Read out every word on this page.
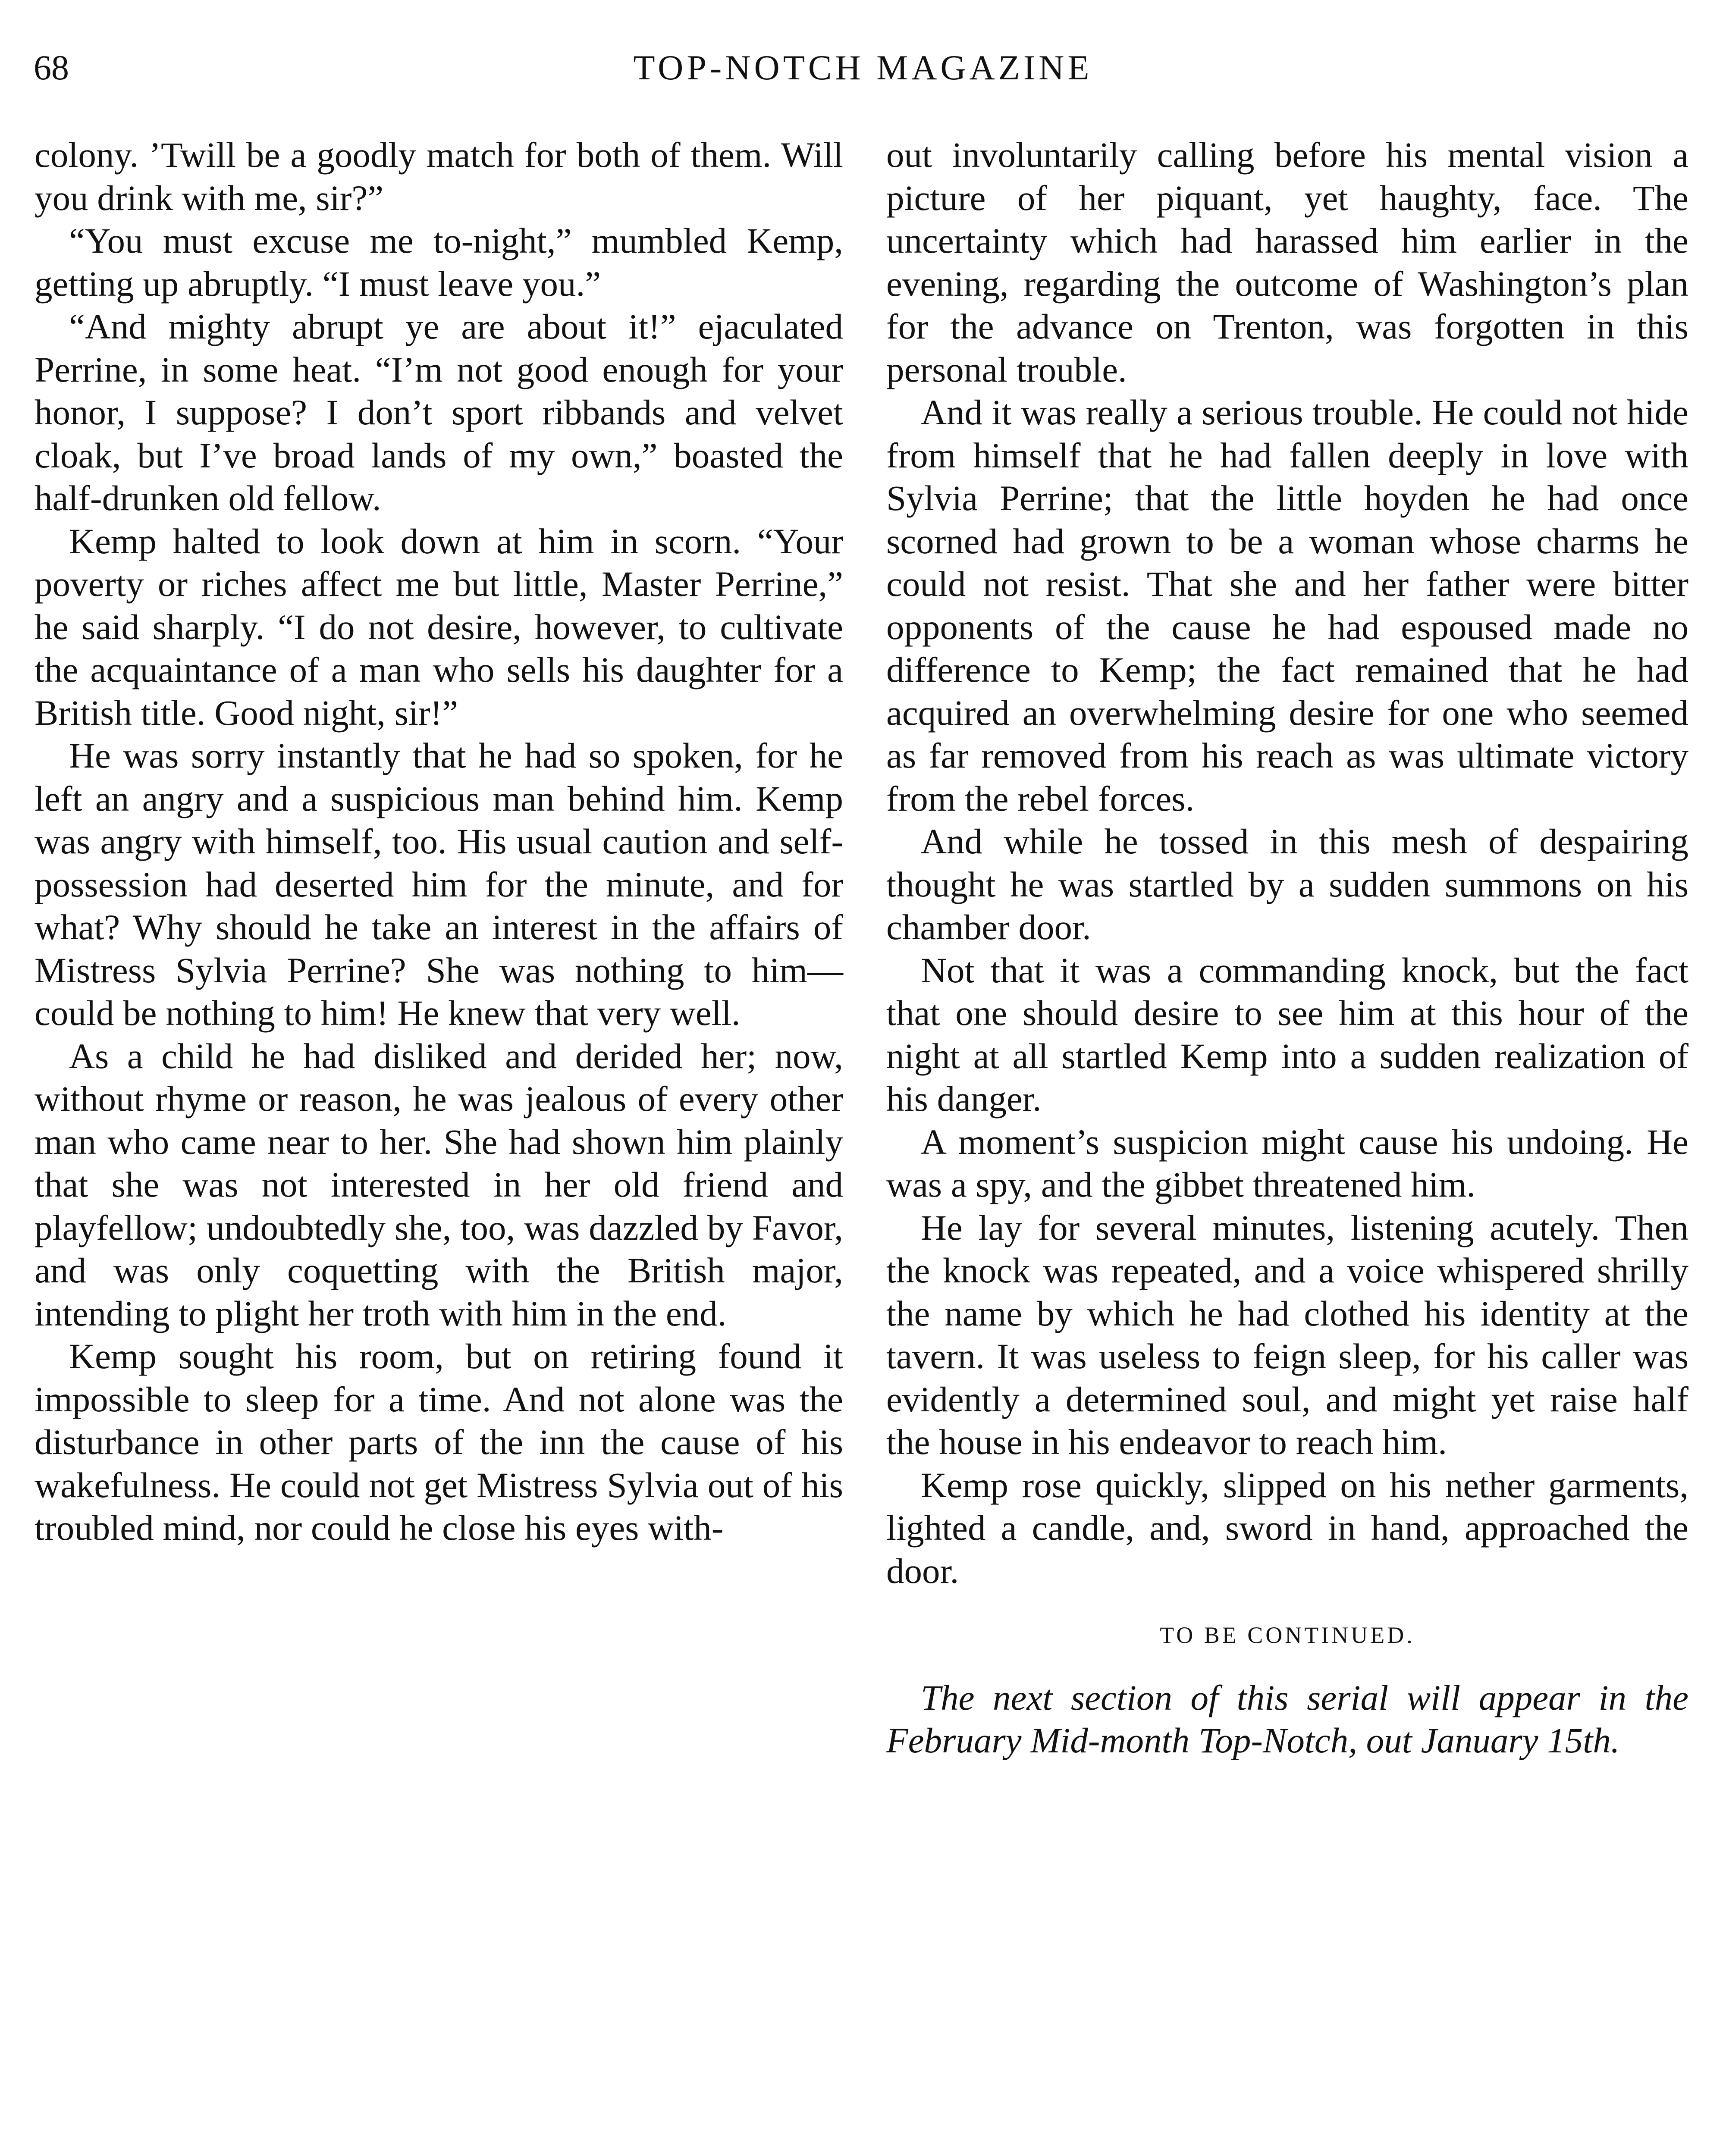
68	TOP-NOTCH MAGAZINE

colony. ’Twill be a goodly match for both of them. Will you drink with me, sir?”

“You must excuse me to-night,” mumbled Kemp, getting up abruptly. “I must leave you.”

“And mighty abrupt ye are about it!” ejaculated Perrine, in some heat. “I’m not good enough for your honor, I suppose? I don’t sport ribbands and velvet cloak, but I’ve broad lands of my own,” boasted the half-drunken old fellow.

Kemp halted to look down at him in scorn. “Your poverty or riches affect me but little, Master Perrine,” he said sharply. “I do not desire, however, to cultivate the acquaintance of a man who sells his daughter for a British title. Good night, sir!”

He was sorry instantly that he had so spoken, for he left an angry and a suspicious man behind him. Kemp was angry with himself, too. His usual caution and self-possession had deserted him for the minute, and for what? Why should he take an interest in the affairs of Mistress Sylvia Perrine? She was nothing to him—could be nothing to him! He knew that very well.

As a child he had disliked and derided her; now, without rhyme or reason, he was jealous of every other man who came near to her. She had shown him plainly that she was not interested in her old friend and playfellow; undoubtedly she, too, was dazzled by Favor, and was only coquetting with the British major, intending to plight her troth with him in the end.

Kemp sought his room, but on retiring found it impossible to sleep for a time. And not alone was the disturbance in other parts of the inn the cause of his wakefulness. He could not get Mistress Sylvia out of his troubled mind, nor could he close his eyes with-

out involuntarily calling before his mental vision a picture of her piquant, yet haughty, face. The uncertainty which had harassed him earlier in the evening, regarding the outcome of Washington’s plan for the advance on Trenton, was forgotten in this personal trouble.

And it was really a serious trouble. He could not hide from himself that he had fallen deeply in love with Sylvia Perrine; that the little hoyden he had once scorned had grown to be a woman whose charms he could not resist. That she and her father were bitter opponents of the cause he had espoused made no difference to Kemp; the fact remained that he had acquired an overwhelming desire for one who seemed as far removed from his reach as was ultimate victory from the rebel forces.

And while he tossed in this mesh of despairing thought he was startled by a sudden summons on his chamber door.

Not that it was a commanding knock, but the fact that one should desire to see him at this hour of the night at all startled Kemp into a sudden realization of his danger.

A moment’s suspicion might cause his undoing. He was a spy, and the gibbet threatened him.

He lay for several minutes, listening acutely. Then the knock was repeated, and a voice whispered shrilly the name by which he had clothed his identity at the tavern. It was useless to feign sleep, for his caller was evidently a determined soul, and might yet raise half the house in his endeavor to reach him.

Kemp rose quickly, slipped on his nether garments, lighted a candle, and, sword in hand, approached the door.

TO BE CONTINUED.

The next section of this serial will appear in the February Mid-month Top-Notch, out January 15th.
